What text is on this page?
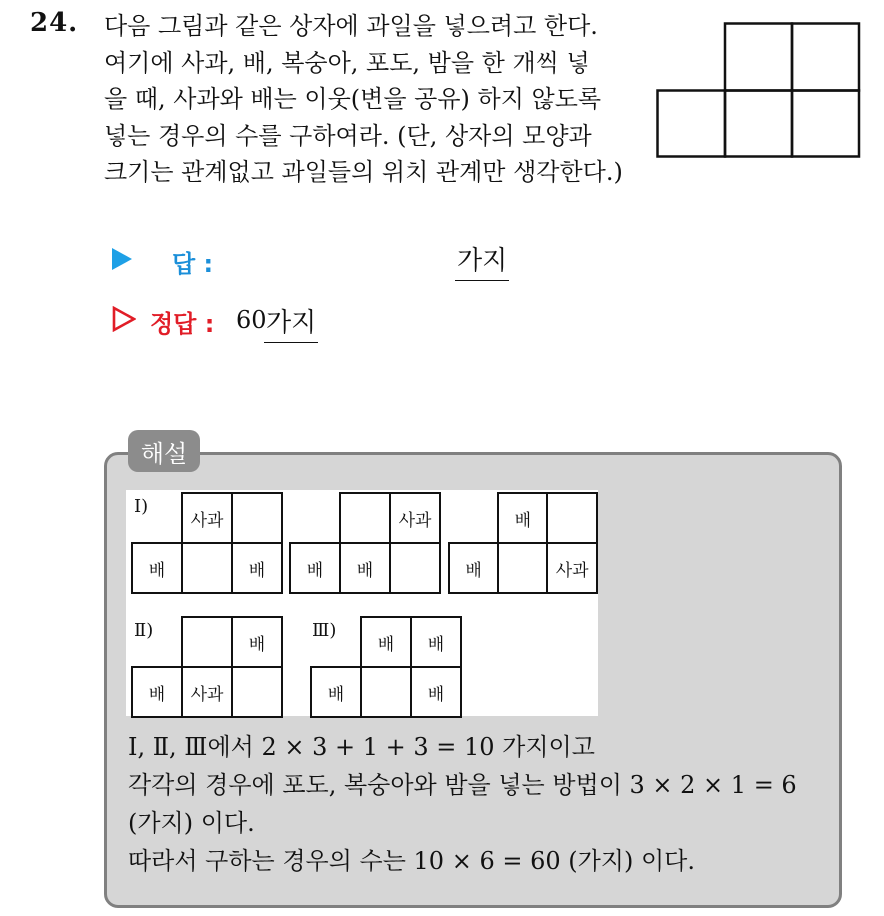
24. 다음 그림과 같은 상자에 과일을 넣으려고 한다.
여기에 사과, 배, 복숭아, 포도, 밤을 한 개씩 넣
을 때, 사과와 배는 이웃(변을 공유) 하지 않도록
넣는 경우의 수를 구하여라. (단, 상자의 모양과
크기는 관계없고 과일들의 위치 관계만 생각한다.)
답 :	가지
정답 : 60 가지
해설
Ⅰ)
Ⅱ)	Ⅲ)
	사과	
배		배
		사과
배	배	
	배	
배		사과
		배
배	사과	
	배	배
배		배
Ⅰ, Ⅱ, Ⅲ에서 2 × 3 + 1 + 3 = 10 가지이고
각각의 경우에 포도, 복숭아와 밤을 넣는 방법이 3 × 2 × 1 = 6
(가지) 이다.
따라서 구하는 경우의 수는 10 × 6 = 60 (가지) 이다.
